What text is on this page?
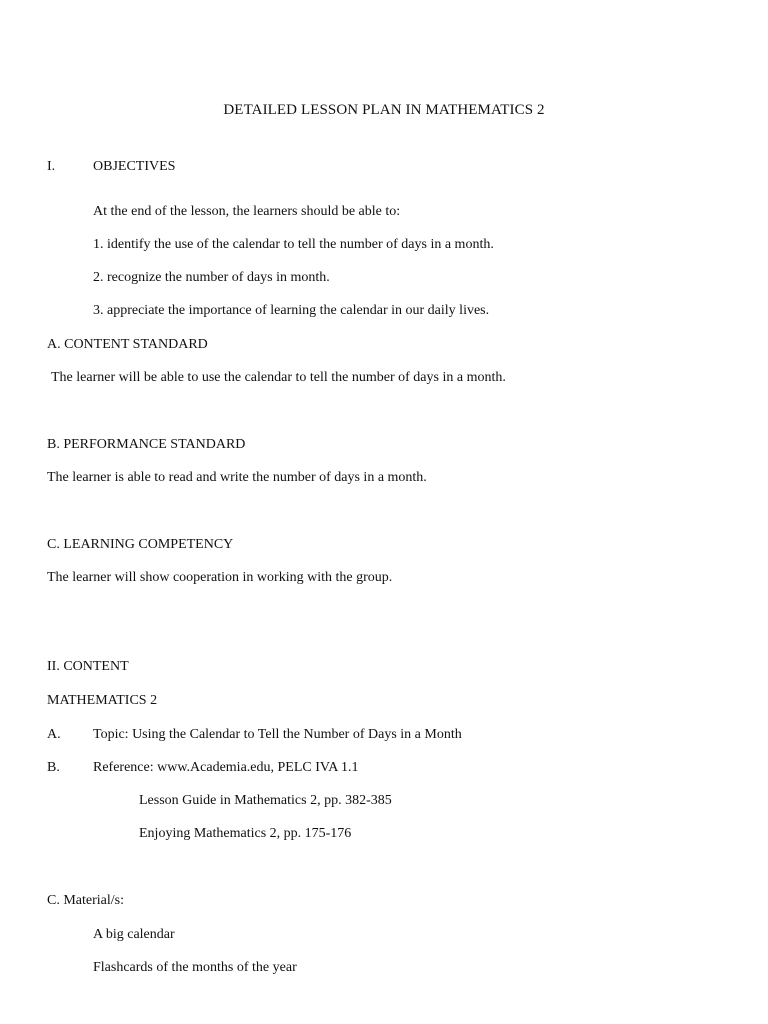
DETAILED LESSON PLAN IN MATHEMATICS 2
I.	OBJECTIVES
At the end of the lesson, the learners should be able to:
1. identify the use of the calendar to tell the number of days in a month.
2. recognize the number of days in month.
3. appreciate the importance of learning the calendar in our daily lives.
A. CONTENT STANDARD
The learner will be able to use the calendar to tell the number of days in a month.
B. PERFORMANCE STANDARD
The learner is able to read and write the number of days in a month.
C. LEARNING COMPETENCY
The learner will show cooperation in working with the group.
II. CONTENT
MATHEMATICS 2
A. Topic: Using the Calendar to Tell the Number of Days in a Month
B. Reference: www.Academia.edu, PELC IVA 1.1
Lesson Guide in Mathematics 2, pp. 382-385
Enjoying Mathematics 2, pp. 175-176
C. Material/s:
A big calendar
Flashcards of the months of the year
